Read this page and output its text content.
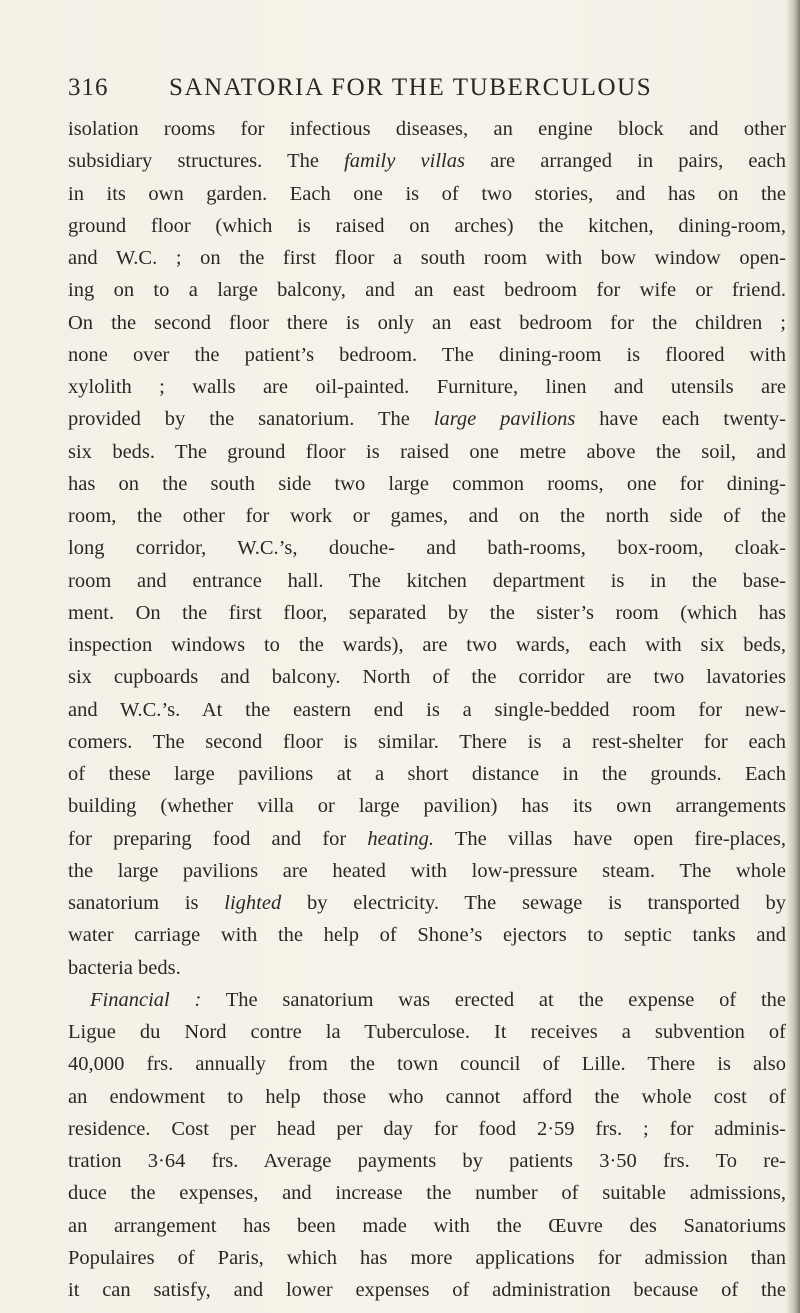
316 SANATORIA FOR THE TUBERCULOUS
isolation rooms for infectious diseases, an engine block and other
subsidiary structures. The family villas are arranged in pairs, each
in its own garden. Each one is of two stories, and has on the
ground floor (which is raised on arches) the kitchen, dining-room,
and W.C. ; on the first floor a south room with bow window open-
ing on to a large balcony, and an east bedroom for wife or friend.
On the second floor there is only an east bedroom for the children ;
none over the patient’s bedroom. The dining-room is floored with
xylolith ; walls are oil-painted. Furniture, linen and utensils are
provided by the sanatorium. The large pavilions have each twenty-
six beds. The ground floor is raised one metre above the soil, and
has on the south side two large common rooms, one for dining-
room, the other for work or games, and on the north side of the
long corridor, W.C.’s, douche- and bath-rooms, box-room, cloak-
room and entrance hall. The kitchen department is in the base-
ment. On the first floor, separated by the sister’s room (which has
inspection windows to the wards), are two wards, each with six beds,
six cupboards and balcony. North of the corridor are two lavatories
and W.C.’s. At the eastern end is a single-bedded room for new-
comers. The second floor is similar. There is a rest-shelter for each
of these large pavilions at a short distance in the grounds. Each
building (whether villa or large pavilion) has its own arrangements
for preparing food and for heating. The villas have open fire-places,
the large pavilions are heated with low-pressure steam. The whole
sanatorium is lighted by electricity. The sewage is transported by
water carriage with the help of Shone’s ejectors to septic tanks and
bacteria beds.
Financial : The sanatorium was erected at the expense of the
Ligue du Nord contre la Tuberculose. It receives a subvention of
40,000 frs. annually from the town council of Lille. There is also
an endowment to help those who cannot afford the whole cost of
residence. Cost per head per day for food 2·59 frs. ; for adminis-
tration 3·64 frs. Average payments by patients 3·50 frs. To re-
duce the expenses, and increase the number of suitable admissions,
an arrangement has been made with the Œuvre des Sanatoriums
Populaires of Paris, which has more applications for admission than
it can satisfy, and lower expenses of administration because of the
